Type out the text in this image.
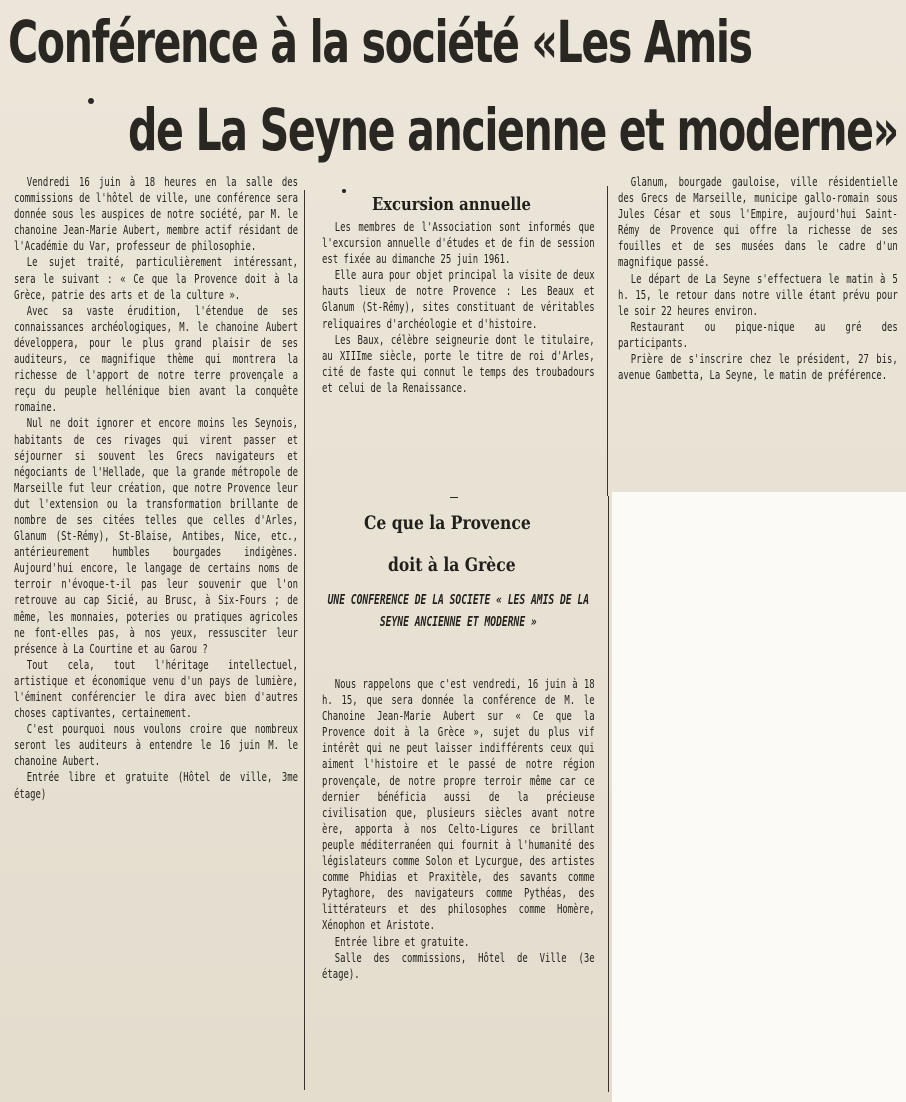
Conférence à la société «Les Amis
de La Seyne ancienne et moderne»

Vendredi 16 juin à 18 heures en la salle des commissions de l'hôtel de ville, une conférence sera donnée sous les auspices de notre société, par M. le chanoine Jean-Marie Aubert, membre actif résidant de l'Académie du Var, professeur de philosophie.

Le sujet traité, particulièrement intéressant, sera le suivant : « Ce que la Provence doit à la Grèce, patrie des arts et de la culture ».

Avec sa vaste érudition, l'étendue de ses connaissances archéologiques, M. le chanoine Aubert développera, pour le plus grand plaisir de ses auditeurs, ce magnifique thème qui montrera la richesse de l'apport de notre terre provençale a reçu du peuple hellénique bien avant la conquête romaine.

Nul ne doit ignorer et encore moins les Seynois, habitants de ces rivages qui virent passer et séjourner si souvent les Grecs navigateurs et négociants de l'Hellade, que la grande métropole de Marseille fut leur création, que notre Provence leur dut l'extension ou la transformation brillante de nombre de ses citées telles que celles d'Arles, Glanum (St-Rémy), St-Blaise, Antibes, Nice, etc., antérieurement humbles bourgades indigènes. Aujourd'hui encore, le langage de certains noms de terroir n'évoque-t-il pas leur souvenir que l'on retrouve au cap Sicié, au Brusc, à Six-Fours ; de même, les monnaies, poteries ou pratiques agricoles ne font-elles pas, à nos yeux, ressusciter leur présence à La Courtine et au Garou ?

Tout cela, tout l'héritage intellectuel, artistique et économique venu d'un pays de lumière, l'éminent conférencier le dira avec bien d'autres choses captivantes, certainement.

C'est pourquoi nous voulons croire que nombreux seront les auditeurs à entendre le 16 juin M. le chanoine Aubert.

Entrée libre et gratuite (Hôtel de ville, 3me étage)

Excursion annuelle

Les membres de l'Association sont informés que l'excursion annuelle d'études et de fin de session est fixée au dimanche 25 juin 1961.

Elle aura pour objet principal la visite de deux hauts lieux de notre Provence : Les Beaux et Glanum (St-Rémy), sites constituant de véritables reliquaires d'archéologie et d'histoire.

Les Baux, célèbre seigneurie dont le titulaire, au XIIIme siècle, porte le titre de roi d'Arles, cité de faste qui connut le temps des troubadours et celui de la Renaissance.

Ce que la Provence
doit à la Grèce
UNE CONFERENCE DE LA SOCIETE « LES AMIS DE LA SEYNE ANCIENNE ET MODERNE »

Nous rappelons que c'est vendredi, 16 juin à 18 h. 15, que sera donnée la conférence de M. le Chanoine Jean-Marie Aubert sur « Ce que la Provence doit à la Grèce », sujet du plus vif intérêt qui ne peut laisser indifférents ceux qui aiment l'histoire et le passé de notre région provençale, de notre propre terroir même car ce dernier bénéficia aussi de la précieuse civilisation que, plusieurs siècles avant notre ère, apporta à nos Celto-Ligures ce brillant peuple méditerranéen qui fournit à l'humanité des législateurs comme Solon et Lycurgue, des artistes comme Phidias et Praxitèle, des savants comme Pytaghore, des navigateurs comme Pythéas, des littérateurs et des philosophes comme Homère, Xénophon et Aristote.

Entrée libre et gratuite.

Salle des commissions, Hôtel de Ville (3e étage).

Glanum, bourgade gauloise, ville résidentielle des Grecs de Marseille, municipe gallo-romain sous Jules César et sous l'Empire, aujourd'hui Saint-Rémy de Provence qui offre la richesse de ses fouilles et de ses musées dans le cadre d'un magnifique passé.

Le départ de La Seyne s'effectuera le matin à 5 h. 15, le retour dans notre ville étant prévu pour le soir 22 heures environ.

Restaurant ou pique-nique au gré des participants.

Prière de s'inscrire chez le président, 27 bis, avenue Gambetta, La Seyne, le matin de préférence.
